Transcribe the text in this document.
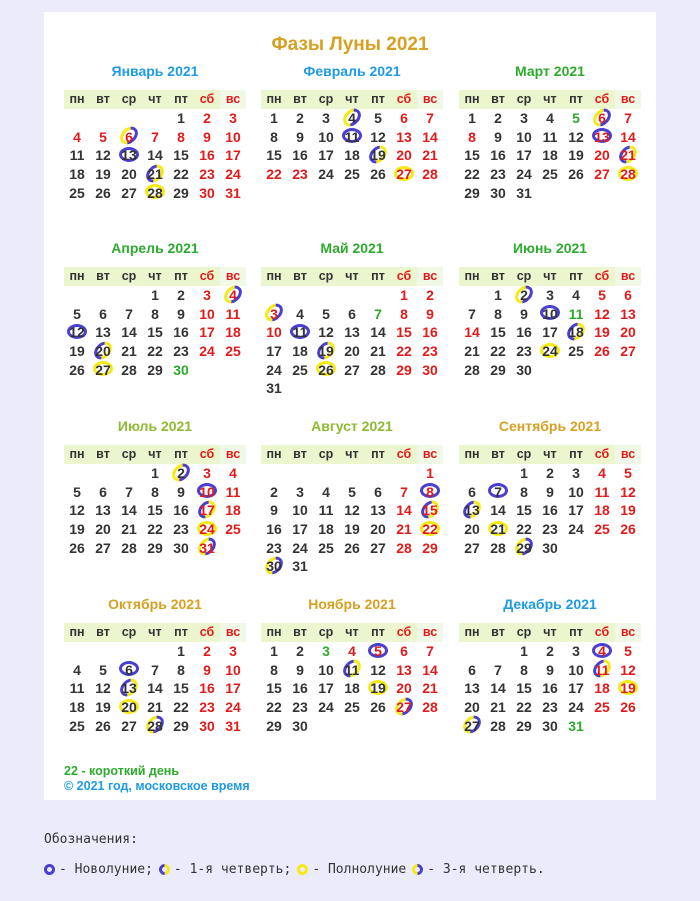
Фазы Луны 2021
Январь 2021
пн вт ср чт пт сб вс
1 2 3
4 5 6 7 8 9 10
11 12 13 14 15 16 17
18 19 20 21 22 23 24
25 26 27 28 29 30 31
Февраль 2021
пн вт ср чт пт сб вс
1 2 3 4 5 6 7
8 9 10 11 12 13 14
15 16 17 18 19 20 21
22 23 24 25 26 27 28
Март 2021
пн вт ср чт пт сб вс
1 2 3 4 5 6 7
8 9 10 11 12 13 14
15 16 17 18 19 20 21
22 23 24 25 26 27 28
29 30 31
Апрель 2021
пн вт ср чт пт сб вс
1 2 3 4
5 6 7 8 9 10 11
12 13 14 15 16 17 18
19 20 21 22 23 24 25
26 27 28 29 30
Май 2021
пн вт ср чт пт сб вс
1 2
3 4 5 6 7 8 9
10 11 12 13 14 15 16
17 18 19 20 21 22 23
24 25 26 27 28 29 30
31
Июнь 2021
пн вт ср чт пт сб вс
1 2 3 4 5 6
7 8 9 10 11 12 13
14 15 16 17 18 19 20
21 22 23 24 25 26 27
28 29 30
Июль 2021
пн вт ср чт пт сб вс
1 2 3 4
5 6 7 8 9 10 11
12 13 14 15 16 17 18
19 20 21 22 23 24 25
26 27 28 29 30 31
Август 2021
пн вт ср чт пт сб вс
1
2 3 4 5 6 7 8
9 10 11 12 13 14 15
16 17 18 19 20 21 22
23 24 25 26 27 28 29
30 31
Сентябрь 2021
пн вт ср чт пт сб вс
1 2 3 4 5
6 7 8 9 10 11 12
13 14 15 16 17 18 19
20 21 22 23 24 25 26
27 28 29 30
Октябрь 2021
пн вт ср чт пт сб вс
1 2 3
4 5 6 7 8 9 10
11 12 13 14 15 16 17
18 19 20 21 22 23 24
25 26 27 28 29 30 31
Ноябрь 2021
пн вт ср чт пт сб вс
1 2 3 4 5 6 7
8 9 10 11 12 13 14
15 16 17 18 19 20 21
22 23 24 25 26 27 28
29 30
Декабрь 2021
пн вт ср чт пт сб вс
1 2 3 4 5
6 7 8 9 10 11 12
13 14 15 16 17 18 19
20 21 22 23 24 25 26
27 28 29 30 31
22 - короткий день
© 2021 год, московское время
Обозначения:
- Новолуние; - 1-я четверть; - Полнолуние - 3-я четверть.
